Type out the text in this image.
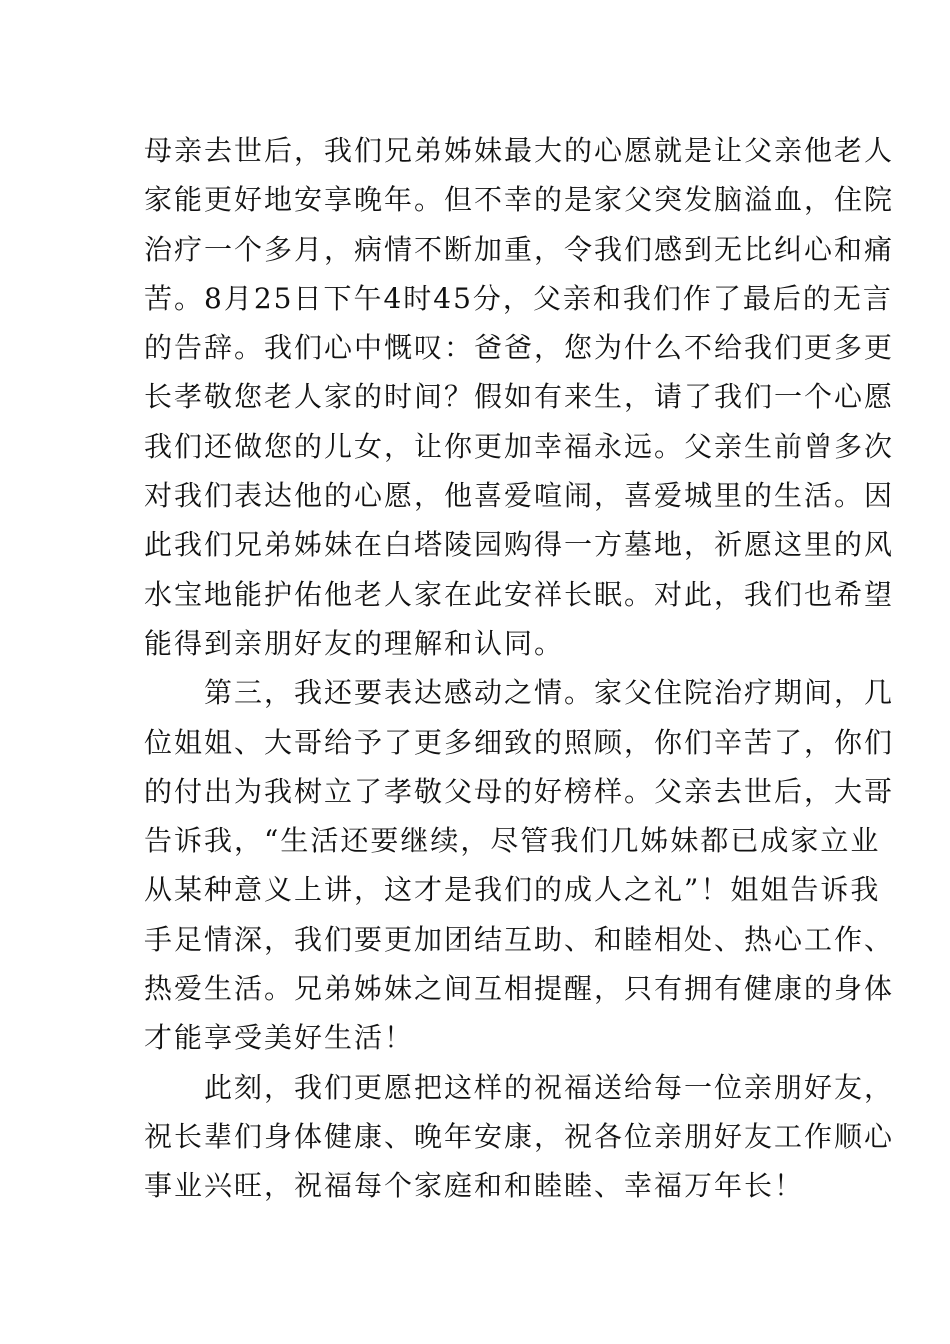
母亲去世后，我们兄弟姊妹最大的心愿就是让父亲他老人
家能更好地安享晚年。但不幸的是家父突发脑溢血，住院
治疗一个多月，病情不断加重，令我们感到无比纠心和痛
苦。8月25日下午4时45分，父亲和我们作了最后的无言
的告辞。我们心中慨叹：爸爸，您为什么不给我们更多更
长孝敬您老人家的时间？假如有来生，请了我们一个心愿
我们还做您的儿女，让你更加幸福永远。父亲生前曾多次
对我们表达他的心愿，他喜爱喧闹，喜爱城里的生活。因
此我们兄弟姊妹在白塔陵园购得一方墓地，祈愿这里的风
水宝地能护佑他老人家在此安祥长眠。对此，我们也希望
能得到亲朋好友的理解和认同。
第三，我还要表达感动之情。家父住院治疗期间，几
位姐姐、大哥给予了更多细致的照顾，你们辛苦了，你们
的付出为我树立了孝敬父母的好榜样。父亲去世后，大哥
告诉我，“生活还要继续，尽管我们几姊妹都已成家立业
从某种意义上讲，这才是我们的成人之礼”！姐姐告诉我
手足情深，我们要更加团结互助、和睦相处、热心工作、
热爱生活。兄弟姊妹之间互相提醒，只有拥有健康的身体
才能享受美好生活！
此刻，我们更愿把这样的祝福送给每一位亲朋好友，
祝长辈们身体健康、晚年安康，祝各位亲朋好友工作顺心
事业兴旺，祝福每个家庭和和睦睦、幸福万年长！
